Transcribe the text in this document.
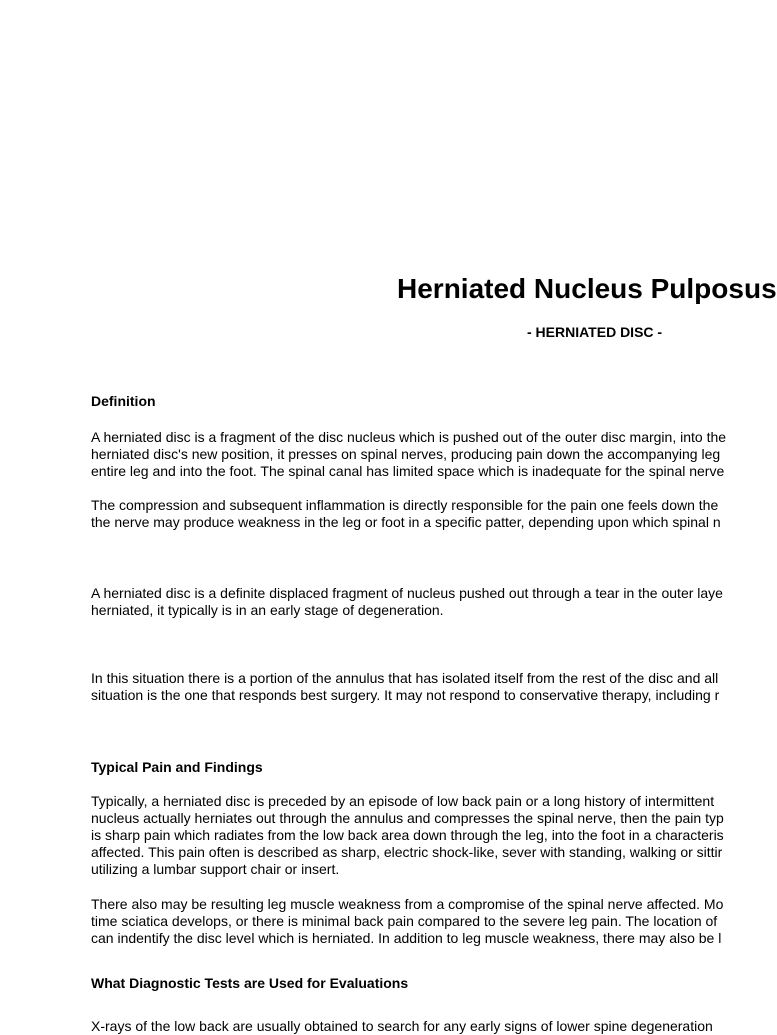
Herniated Nucleus Pulposus
- HERNIATED DISC -
Definition

A herniated disc is a fragment of the disc nucleus which is pushed out of the outer disc margin, into the
herniated disc's new position, it presses on spinal nerves, producing pain down the accompanying leg
entire leg and into the foot. The spinal canal has limited space which is inadequate for the spinal nerve

The compression and subsequent inflammation is directly responsible for the pain one feels down the
the nerve may produce weakness in the leg or foot in a specific patter, depending upon which spinal n

A herniated disc is a definite displaced fragment of nucleus pushed out through a tear in the outer laye
herniated, it typically is in an early stage of degeneration.

In this situation there is a portion of the annulus that has isolated itself from the rest of the disc and all
situation is the one that responds best surgery. It may not respond to conservative therapy, including r

Typical Pain and Findings

Typically, a herniated disc is preceded by an episode of low back pain or a long history of intermittent
nucleus actually herniates out through the annulus and compresses the spinal nerve, then the pain typ
is sharp pain which radiates from the low back area down through the leg, into the foot in a characteris
affected. This pain often is described as sharp, electric shock-like, sever with standing, walking or sittir
utilizing a lumbar support chair or insert.

There also may be resulting leg muscle weakness from a compromise of the spinal nerve affected. Mo
time sciatica develops, or there is minimal back pain compared to the severe leg pain. The location of
can indentify the disc level which is herniated. In addition to leg muscle weakness, there may also be l

What Diagnostic Tests are Used for Evaluations
X-rays of the low back are usually obtained to search for any early signs of lower spine degeneration
